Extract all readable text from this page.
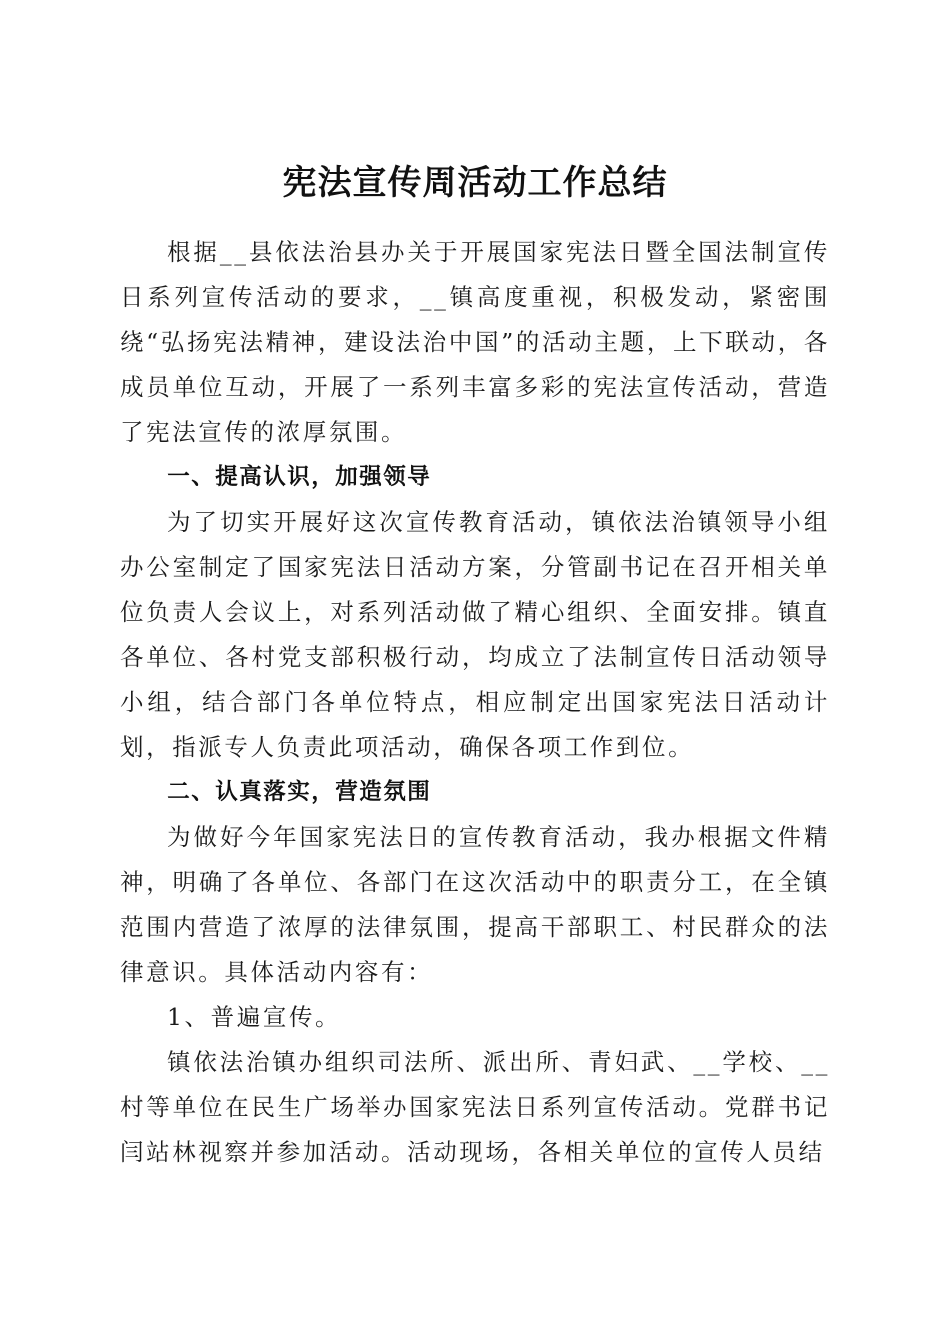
宪法宣传周活动工作总结

根据__县依法治县办关于开展国家宪法日暨全国法制宣传日系列宣传活动的要求，__镇高度重视，积极发动，紧密围绕“弘扬宪法精神，建设法治中国”的活动主题，上下联动，各成员单位互动，开展了一系列丰富多彩的宪法宣传活动，营造了宪法宣传的浓厚氛围。

一、提高认识，加强领导

为了切实开展好这次宣传教育活动，镇依法治镇领导小组办公室制定了国家宪法日活动方案，分管副书记在召开相关单位负责人会议上，对系列活动做了精心组织、全面安排。镇直各单位、各村党支部积极行动，均成立了法制宣传日活动领导小组，结合部门各单位特点，相应制定出国家宪法日活动计划，指派专人负责此项活动，确保各项工作到位。

二、认真落实，营造氛围

为做好今年国家宪法日的宣传教育活动，我办根据文件精神，明确了各单位、各部门在这次活动中的职责分工，在全镇范围内营造了浓厚的法律氛围，提高干部职工、村民群众的法律意识。具体活动内容有：

1、普遍宣传。

镇依法治镇办组织司法所、派出所、青妇武、__学校、__村等单位在民生广场举办国家宪法日系列宣传活动。党群书记闫站林视察并参加活动。活动现场，各相关单位的宣传人员结
